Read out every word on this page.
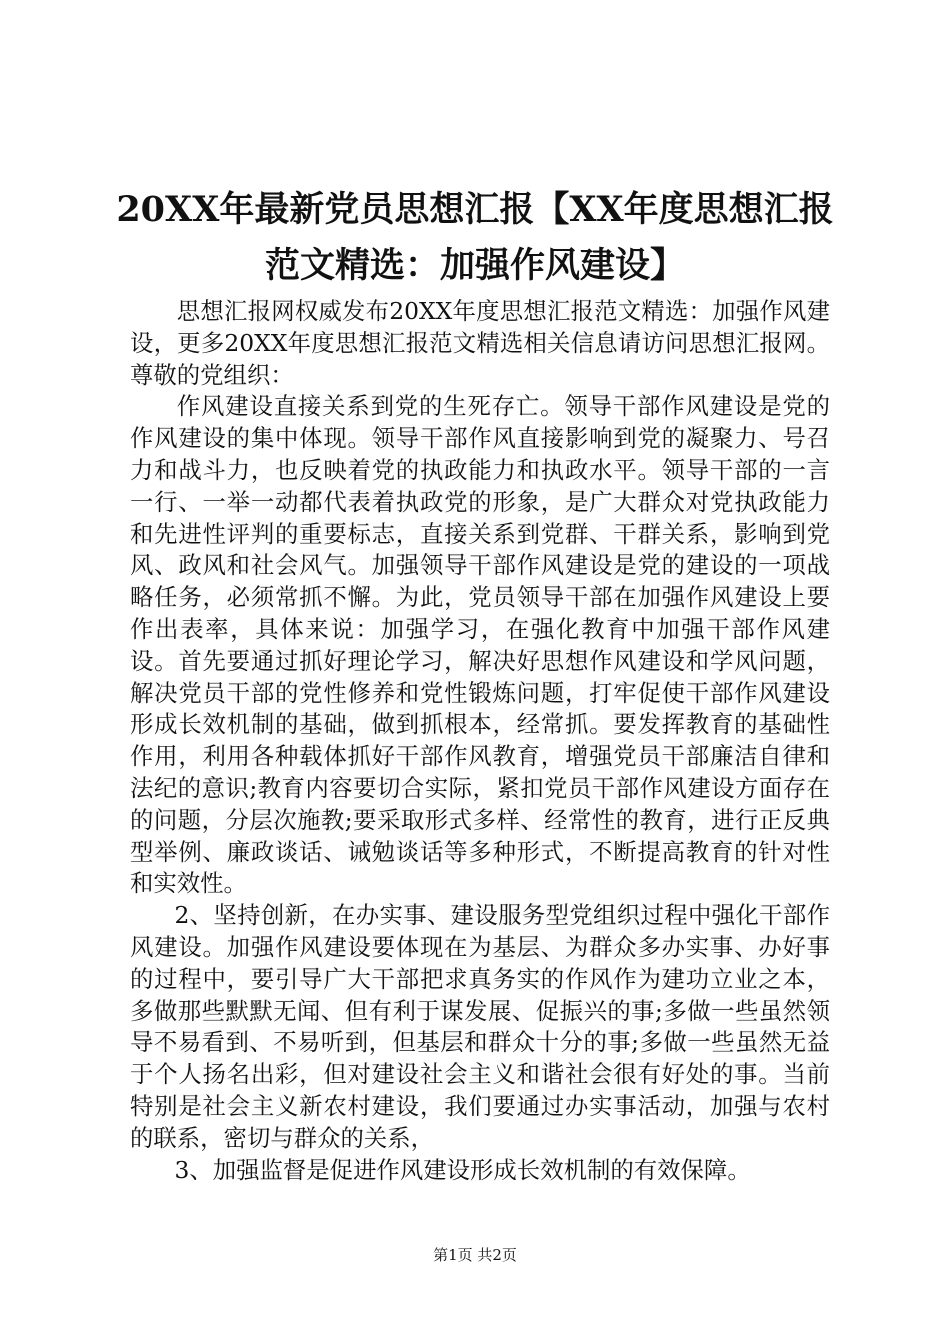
20XX年最新党员思想汇报【XX年度思想汇报
范文精选：加强作风建设】

思想汇报网权威发布20XX年度思想汇报范文精选：加强作风建设，更多20XX年度思想汇报范文精选相关信息请访问思想汇报网。尊敬的党组织：

作风建设直接关系到党的生死存亡。领导干部作风建设是党的作风建设的集中体现。领导干部作风直接影响到党的凝聚力、号召力和战斗力，也反映着党的执政能力和执政水平。领导干部的一言一行、一举一动都代表着执政党的形象，是广大群众对党执政能力和先进性评判的重要标志，直接关系到党群、干群关系，影响到党风、政风和社会风气。加强领导干部作风建设是党的建设的一项战略任务，必须常抓不懈。为此，党员领导干部在加强作风建设上要作出表率，具体来说：加强学习，在强化教育中加强干部作风建设。首先要通过抓好理论学习，解决好思想作风建设和学风问题，解决党员干部的党性修养和党性锻炼问题，打牢促使干部作风建设形成长效机制的基础，做到抓根本，经常抓。要发挥教育的基础性作用，利用各种载体抓好干部作风教育，增强党员干部廉洁自律和法纪的意识;教育内容要切合实际，紧扣党员干部作风建设方面存在的问题，分层次施教;要采取形式多样、经常性的教育，进行正反典型举例、廉政谈话、诫勉谈话等多种形式，不断提高教育的针对性和实效性。

2、坚持创新，在办实事、建设服务型党组织过程中强化干部作风建设。加强作风建设要体现在为基层、为群众多办实事、办好事的过程中，要引导广大干部把求真务实的作风作为建功立业之本，多做那些默默无闻、但有利于谋发展、促振兴的事;多做一些虽然领导不易看到、不易听到，但基层和群众十分的事;多做一些虽然无益于个人扬名出彩，但对建设社会主义和谐社会很有好处的事。当前特别是社会主义新农村建设，我们要通过办实事活动，加强与农村的联系，密切与群众的关系，

3、加强监督是促进作风建设形成长效机制的有效保障。

第1页 共2页
